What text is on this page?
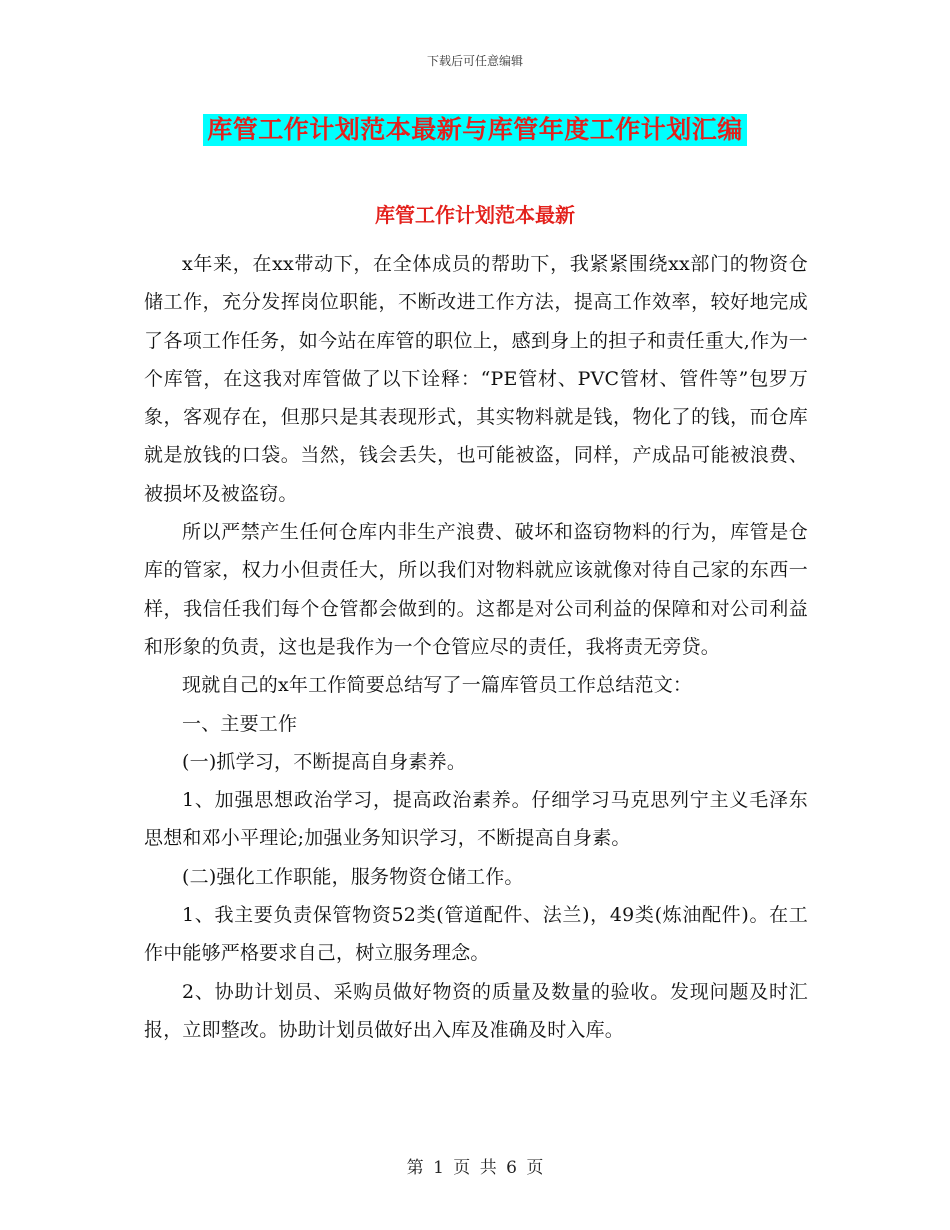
下载后可任意编辑
库管工作计划范本最新与库管年度工作计划汇编
库管工作计划范本最新

x年来，在xx带动下，在全体成员的帮助下，我紧紧围绕xx部门的物资仓储工作，充分发挥岗位职能，不断改进工作方法，提高工作效率，较好地完成了各项工作任务，如今站在库管的职位上，感到身上的担子和责任重大,作为一个库管，在这我对库管做了以下诠释：“PE管材、PVC管材、管件等”包罗万象，客观存在，但那只是其表现形式，其实物料就是钱，物化了的钱，而仓库就是放钱的口袋。当然，钱会丢失，也可能被盗，同样，产成品可能被浪费、被损坏及被盗窃。

所以严禁产生任何仓库内非生产浪费、破坏和盗窃物料的行为，库管是仓库的管家，权力小但责任大，所以我们对物料就应该就像对待自己家的东西一样，我信任我们每个仓管都会做到的。这都是对公司利益的保障和对公司利益和形象的负责，这也是我作为一个仓管应尽的责任，我将责无旁贷。

现就自己的x年工作简要总结写了一篇库管员工作总结范文：

一、主要工作

(一)抓学习，不断提高自身素养。

1、加强思想政治学习，提高政治素养。仔细学习马克思列宁主义毛泽东思想和邓小平理论;加强业务知识学习，不断提高自身素。

(二)强化工作职能，服务物资仓储工作。

1、我主要负责保管物资52类(管道配件、法兰)，49类(炼油配件)。在工作中能够严格要求自己，树立服务理念。

2、协助计划员、采购员做好物资的质量及数量的验收。发现问题及时汇报，立即整改。协助计划员做好出入库及准确及时入库。

第 1 页 共 6 页
